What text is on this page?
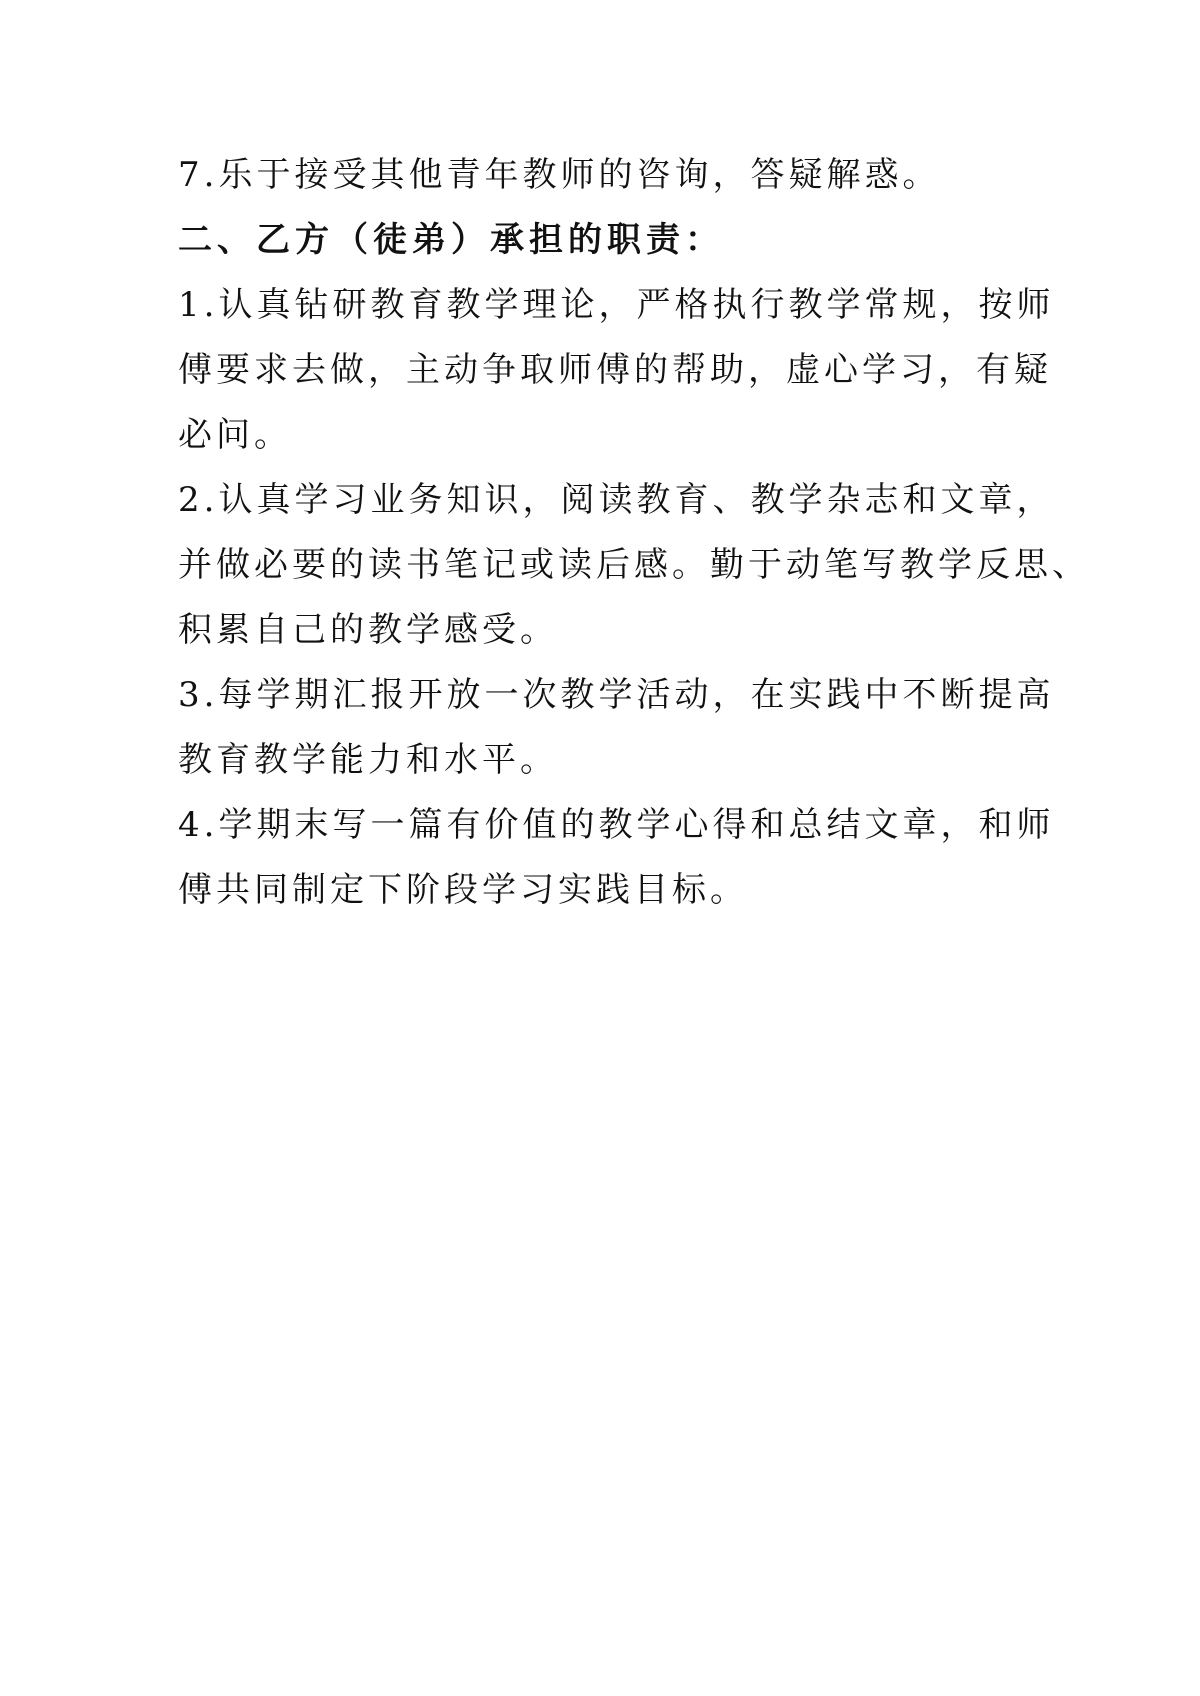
7.乐于接受其他青年教师的咨询，答疑解惑。
二、乙方（徒弟）承担的职责：
1.认真钻研教育教学理论，严格执行教学常规，按师
傅要求去做，主动争取师傅的帮助，虚心学习，有疑
必问。
2.认真学习业务知识，阅读教育、教学杂志和文章，
并做必要的读书笔记或读后感。勤于动笔写教学反思、
积累自己的教学感受。
3.每学期汇报开放一次教学活动，在实践中不断提高
教育教学能力和水平。
4.学期末写一篇有价值的教学心得和总结文章，和师
傅共同制定下阶段学习实践目标。
